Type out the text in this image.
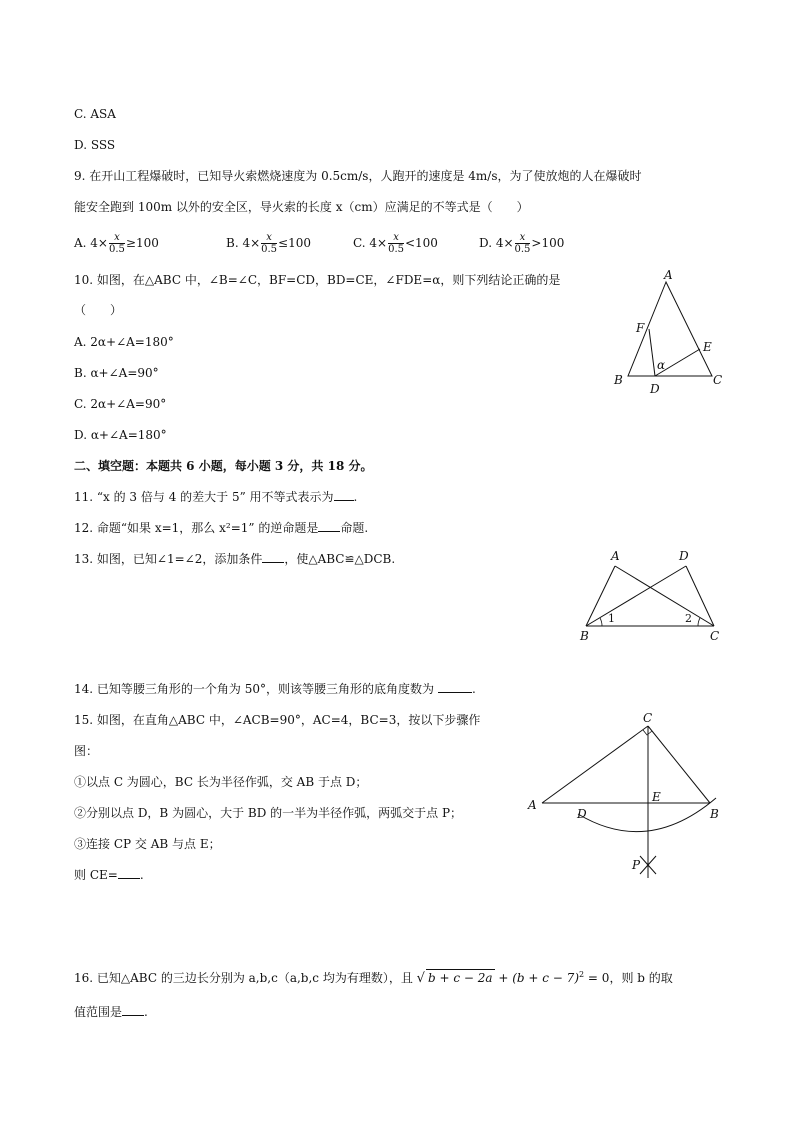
C. ASA
D. SSS
9. 在开山工程爆破时，已知导火索燃烧速度为 0.5cm/s，人跑开的速度是 4m/s，为了使放炮的人在爆破时
能安全跑到 100m 以外的安全区，导火索的长度 x（cm）应满足的不等式是（　　）
A. $4\times \frac{x}{0.5} \ge 100$	B. $4\times \frac{x}{0.5} \le 100$	C. $4\times \frac{x}{0.5} <100$	D. $4\times \frac{x}{0.5} >100$
10. 如图，在△ABC 中，∠B=∠C，BF=CD，BD=CE，∠FDE=α，则下列结论正确的是
（　　）
A. 2α+∠A=180°
B. α+∠A=90°
C. 2α+∠A=90°
D. α+∠A=180°
A
B	C
D
E
F
α
二、填空题：本题共 6 小题，每小题 3 分，共 18 分。
11. “x 的 3 倍与 4 的差大于 5” 用不等式表示为 .
12. 命题“如果 x=1，那么 x²=1” 的逆命题是 命题.
13. 如图，已知∠1=∠2，添加条件 ，使△ABC≌△DCB.	A	D
B	C
1	2
14. 已知等腰三角形的一个角为 50°，则该等腰三角形的底角度数为	.
15. 如图，在直角△ABC 中，∠ACB=90°，AC=4，BC=3，按以下步骤作
图：
①以点 C 为圆心，BC 长为半径作弧，交 AB 于点 D；
②分别以点 D，B 为圆心，大于 BD 的一半为半径作弧，两弧交于点 P；
③连接 CP 交 AB 与点 E；
则 CE= .
C
A
E
B
D
P
16. 已知△ABC 的三边长分别为 a,b,c（a,b,c 均为有理数），且 √ $b + c - 2a + (b + c - 7)^2 = 0$，则 b 的取
值范围是 .
